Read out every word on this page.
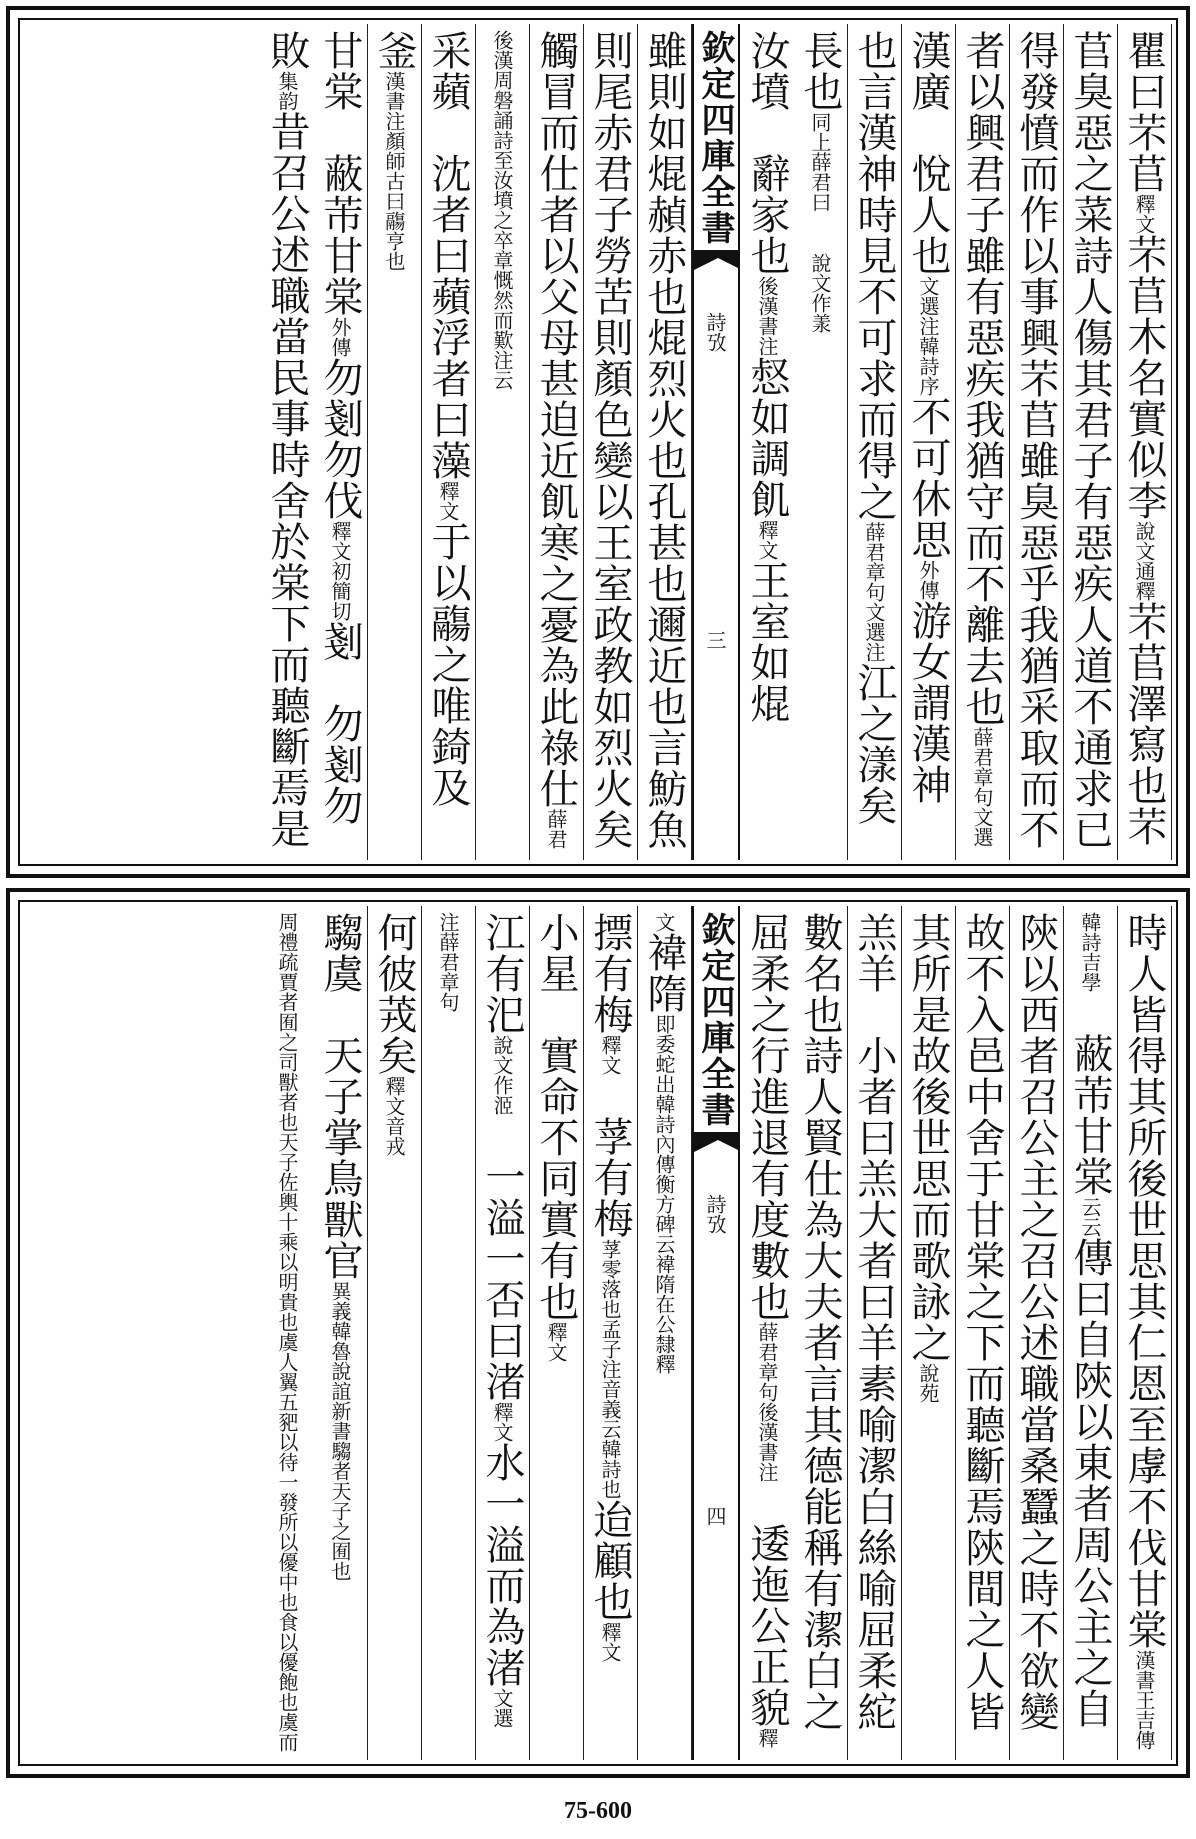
瞿曰芣苢釋文芣苢木名實似李說文通釋芣苢澤寫也芣
苢臭惡之菜詩人傷其君子有惡疾人道不通求已
得發憤而作以事興芣苢雖臭惡乎我猶采取而不
者以興君子雖有惡疾我猶守而不離去也薛君章句文選
漢廣　悅人也文選注韓詩序不可休思外傳游女謂漢神
也言漢神時見不可求而得之薛君章句文選注江之漾矣
長也同上薛君曰　說文作羕
汝墳　辭家也後漢書注惄如調飢釋文王室如焜
欽定四庫全書
詩攷
三
雖則如焜赬赤也焜烈火也孔甚也邇近也言魴魚
則尾赤君子勞苦則顏色變以王室政教如烈火矣
觸冒而仕者以父母甚迫近飢寒之憂為此祿仕薛君
後漢周磐誦詩至汝墳之卒章慨然而歎注云
采蘋　沈者曰蘋浮者曰藻釋文于以鬺之唯錡及
釜漢書注顏師古曰鬺亨也
甘棠　蔽芾甘棠外傳勿剗勿伐釋文初簡切剗　勿剗勿
敗集韵昔召公述職當民事時舍於棠下而聽斷焉是
時人皆得其所後世思其仁恩至虖不伐甘棠漢書王吉傳
韓詩吉學　蔽芾甘棠云云傳曰自陝以東者周公主之自
陝以西者召公主之召公述職當桑蠶之時不欲變
故不入邑中舍于甘棠之下而聽斷焉陝間之人皆
其所是故後世思而歌詠之說苑
羔羊　小者曰羔大者曰羊素喻潔白絲喻屈柔紽
數名也詩人賢仕為大夫者言其德能稱有潔白之
屈柔之行進退有度數也薛君章句後漢書注　逶迤公正貌釋
欽定四庫全書
詩攷
四
文褘隋即委蛇出韓詩內傳衡方碑云褘隋在公隸釋
摽有梅釋文　莩有梅莩零落也孟子注音義云韓詩也迨顧也釋文
小星　實命不同實有也釋文
江有汜說文作洍　一溢一否曰渚釋文水一溢而為渚文選
注薛君章句
何彼茙矣釋文音戎
騶虞　天子掌鳥獸官異義韓魯說誼新書騶者天子之囿也
周禮疏賈者囿之司獸者也天子佐輿十乘以明貴也虞人翼五豝以待一發所以優中也食以優飽也虞而
75-600
